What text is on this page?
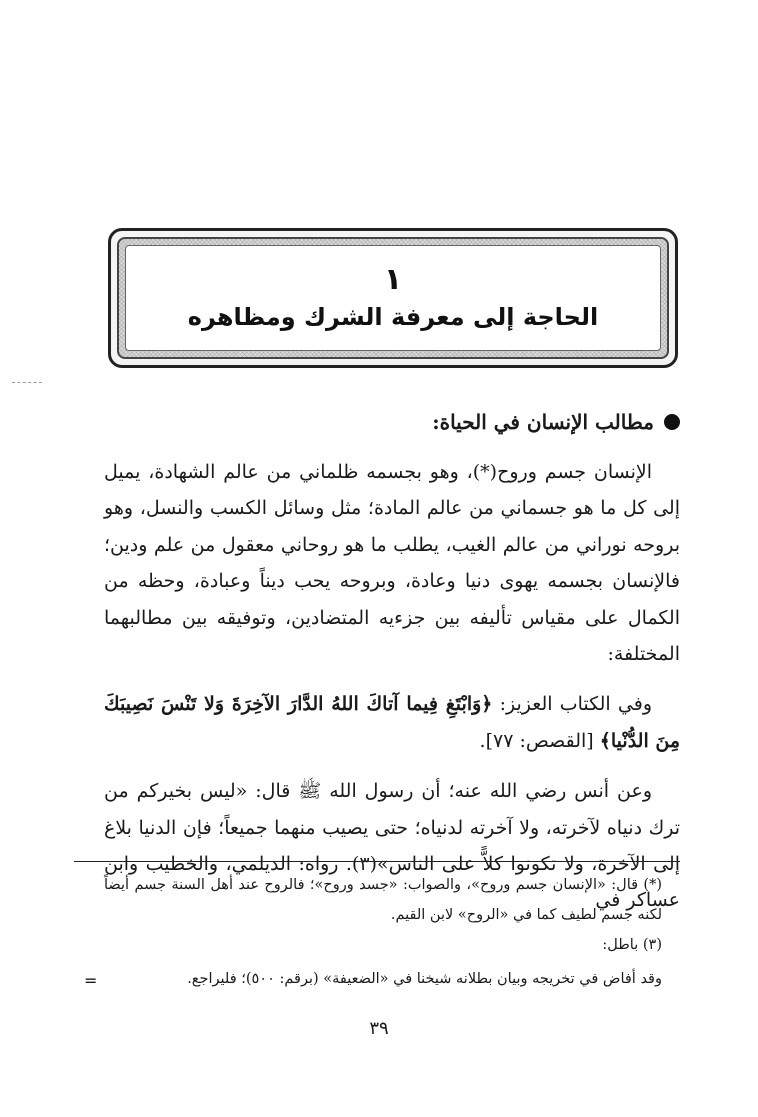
١
الحاجة إلى معرفة الشرك ومظاهره
مطالب الإنسان في الحياة:

الإنسان جسم وروح(*)، وهو بجسمه ظلماني من عالم الشهادة، يميل إلى كل ما هو جسماني من عالم المادة؛ مثل وسائل الكسب والنسل، وهو بروحه نوراني من عالم الغيب، يطلب ما هو روحاني معقول من علم ودين؛ فالإنسان بجسمه يهوى دنيا وعادة، وبروحه يحب ديناً وعبادة، وحظه من الكمال على مقياس تأليفه بين جزءيه المتضادين، وتوفيقه بين مطالبهما المختلفة:

وفي الكتاب العزيز: ﴿وَابْتَغِ فِيما آتاكَ اللهُ الدَّارَ الآخِرَةَ وَلا تَنْسَ نَصِيبَكَ مِنَ الدُّنْيا﴾ [القصص: ٧٧].

وعن أنس رضي الله عنه؛ أن رسول الله ﷺ قال: «ليس بخيركم من ترك دنياه لآخرته، ولا آخرته لدنياه؛ حتى يصيب منهما جميعاً؛ فإن الدنيا بلاغ إلى الآخرة، ولا تكونوا كلاًّ على الناس»(٣). رواه: الديلمي، والخطيب وابن عساكر في

(*) قال: «الإنسان جسم وروح»، والصواب: «جسد وروح»؛ فالروح عند أهل السنة جسم أيضاً لكنه جسم لطيف كما في «الروح» لابن القيم.

(٣) باطل:

وقد أفاض في تخريجه وبيان بطلانه شيخنا في «الضعيفة» (برقم: ٥٠٠)؛ فليراجع.

=
٣٩
